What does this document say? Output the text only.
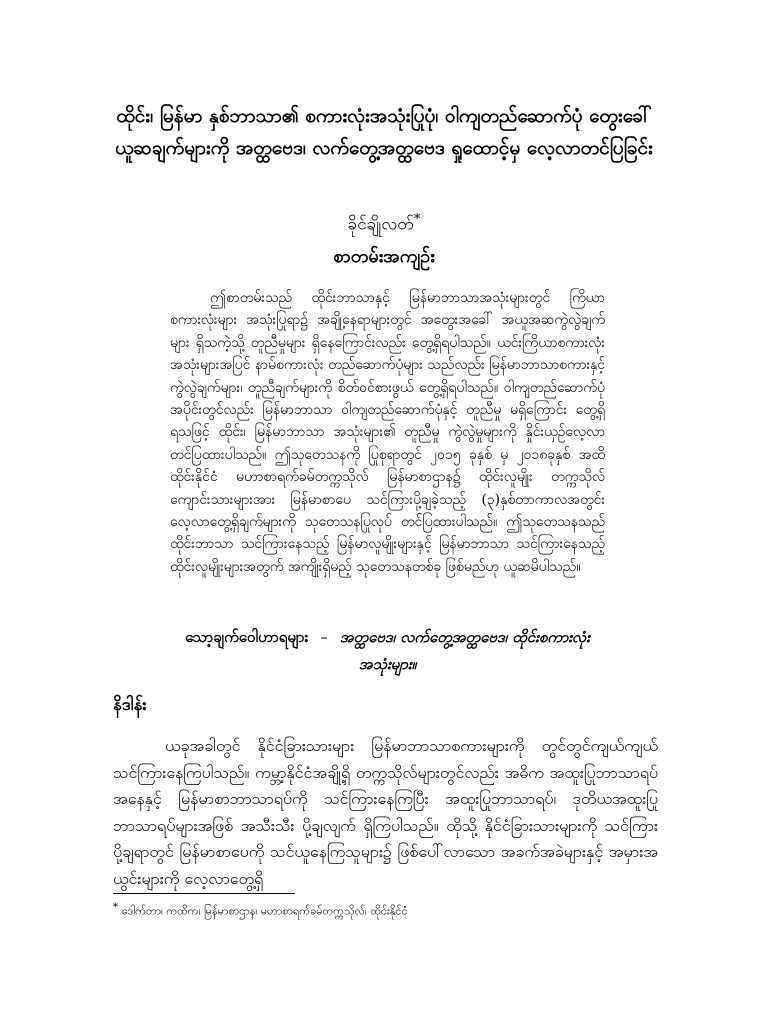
ထိုင်း၊ မြန်မာ နှစ်ဘာသာ၏ စကားလုံးအသုံးပြုပုံ၊ ဝါကျတည်ဆောက်ပုံ တွေးခေါ်ယူဆချက်များကို အတ္ထဗေဒ၊ လက်တွေ့အတ္ထဗေဒ ရှုထောင့်မှ လေ့လာတင်ပြခြင်း
ခိုင်ချိုလတ်*
စာတမ်းအကျဉ်း

ဤစာတမ်းသည် ထိုင်းဘာသာနှင့် မြန်မာဘာသာအသုံးများတွင် ကြိယာစကားလုံးများ အသုံးပြုရာ၌ အချို့နေရာများတွင် အတွေးအခေါ် အယူအဆကွဲလွဲချက်များ ရှိသကဲ့သို့ တူညီမှုများ ရှိနေကြောင်းလည်း တွေ့ရှိရပါသည်။ ယင်းကြိယာစကားလုံးအသုံးများအပြင် နာမ်စကားလုံး တည်ဆောက်ပုံများ သည်လည်း မြန်မာဘာသာစကားနှင့် ကွဲလွဲချက်များ၊ တူညီချက်များကို စိတ်ဝင်စားဖွယ် တွေ့ရှိရပါသည်။ ဝါကျတည်ဆောက်ပုံအပိုင်းတွင်လည်း မြန်မာဘာသာ ဝါကျတည်ဆောက်ပုံနှင့် တူညီမှု မရှိကြောင်း တွေ့ရှိရသဖြင့် ထိုင်း၊ မြန်မာဘာသာ အသုံးများ၏ တူညီမှု ကွဲလွဲမှုများကို နှိုင်းယှဉ်လေ့လာတင်ပြထားပါသည်။ ဤသုတေသနကို ပြုစုရာတွင် ၂၀၁၅ ခုနှစ် မှ ၂၀၁၈ခုနှစ် အထိ ထိုင်းနိုင်ငံ မဟာစာရက်ခမ်တက္ကသိုလ် မြန်မာစာဌာန၌ ထိုင်းလူမျိုး တက္ကသိုလ် ကျောင်းသားများအား မြန်မာစာပေ သင်ကြားပို့ချခဲ့သည့် (၃)နှစ်တာကာလအတွင်း လေ့လာတွေ့ရှိချက်များကို သုတေသနပြုလုပ် တင်ပြထားပါသည်။ ဤသုတေသနသည် ထိုင်းဘာသာ သင်ကြားနေသည့် မြန်မာလူမျိုးများနှင့် မြန်မာဘာသာ သင်ကြားနေသည့် ထိုင်းလူမျိုးများအတွက် အကျိုးရှိမည့် သုတေသနတစ်ခု ဖြစ်မည်ဟု ယူဆမိပါသည်။

သော့ချက်ဝေါဟာရများ – အတ္ထဗေဒ၊ လက်တွေ့အတ္ထဗေဒ၊ ထိုင်းစကားလုံးအသုံးများ။
နိဒါန်း

ယခုအခါတွင် နိုင်ငံခြားသားများ မြန်မာဘာသာစကားများကို တွင်တွင်ကျယ်ကျယ် သင်ကြားနေကြပါသည်။ ကမ္ဘာ့နိုင်ငံအချို့ရှိ တက္ကသိုလ်များတွင်လည်း အဓိက အထူးပြုဘာသာရပ်အနေနှင့် မြန်မာစာဘာသာရပ်ကို သင်ကြားနေကြပြီး အထူးပြုဘာသာရပ်၊ ဒုတိယအထူးပြု ဘာသာရပ်များအဖြစ် အသီးသီး ပို့ချလျက် ရှိကြပါသည်။ ထိုသို့ နိုင်ငံခြားသားများကို သင်ကြားပို့ချရာတွင် မြန်မာစာပေကို သင်ယူနေကြသူများ၌ ဖြစ်ပေါ်လာသော အခက်အခဲများနှင့် အမှားအယွင်းများကို လေ့လာတွေ့ရှိ

* ဒေါက်တာ၊ ကထိက၊ မြန်မာစာဌာန၊ မဟာစာရက်ခမ်တက္ကသိုလ်၊ ထိုင်းနိုင်ငံ
